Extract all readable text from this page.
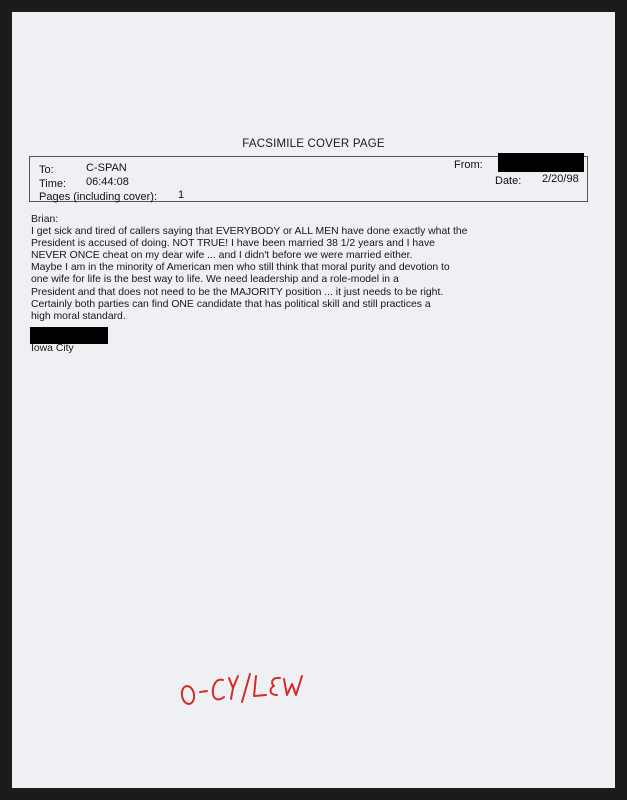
FACSIMILE COVER PAGE
To:	C-SPAN
Time: 06:44:08
Pages (including cover): 1
From:
Date: 2/20/98
Brian:
I get sick and tired of callers saying that EVERYBODY or ALL MEN have done exactly what the
President is accused of doing. NOT TRUE! I have been married 38 1/2 years and I have
NEVER ONCE cheat on my dear wife ... and I didn't before we were married either.
Maybe I am in the minority of American men who still think that moral purity and devotion to
one wife for life is the best way to life. We need leadership and a role-model in a
President and that does not need to be the MAJORITY position ... it just needs to be right.
Certainly both parties can find ONE candidate that has political skill and still practices a
high moral standard.
Iowa City
